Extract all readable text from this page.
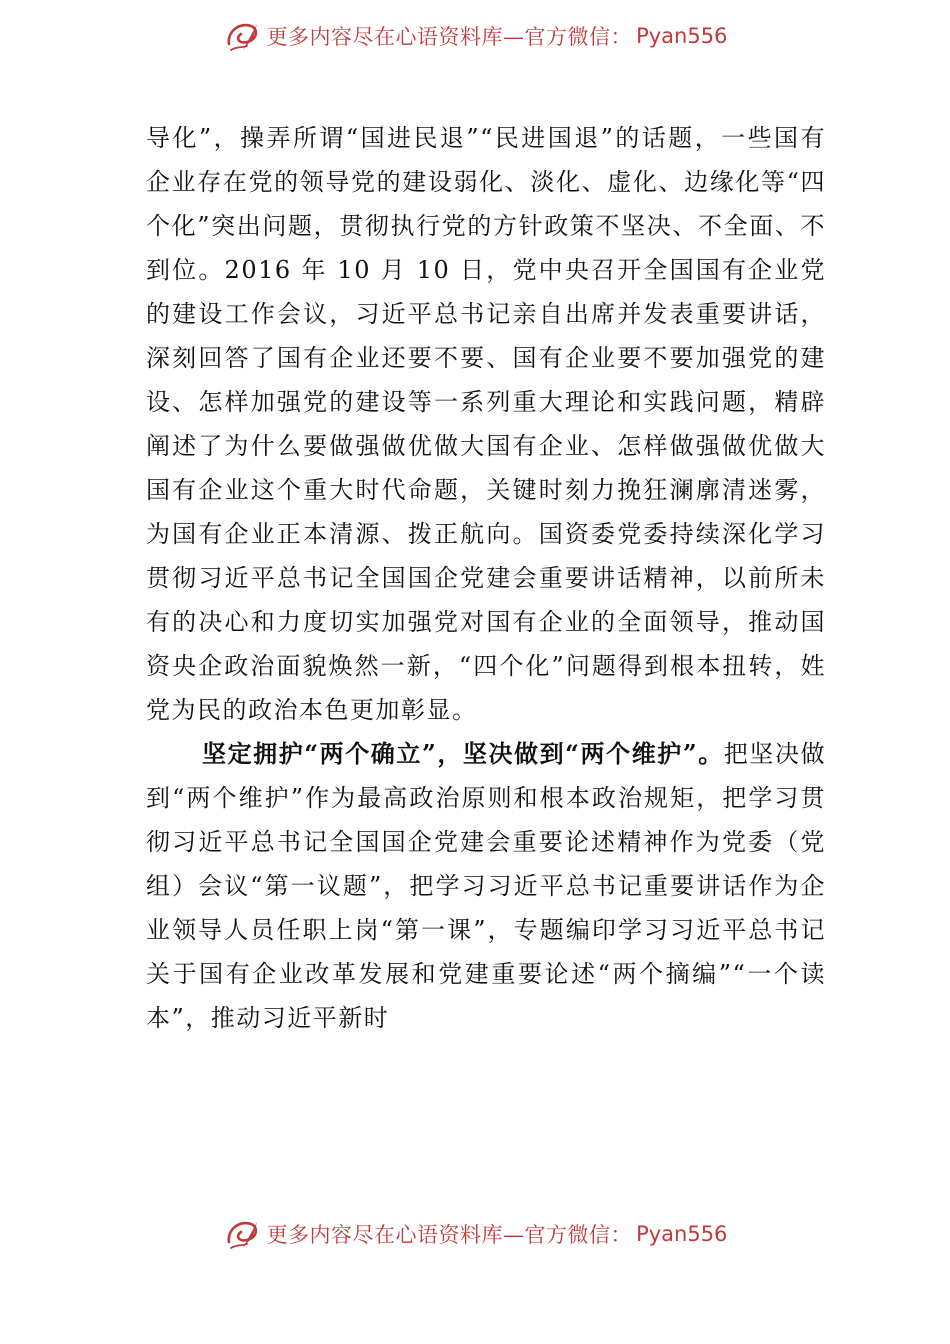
更多内容尽在心语资料库—官方微信： Pyan556

导化”，操弄所谓“国进民退”“民进国退”的话题，一些国有企业存在党的领导党的建设弱化、淡化、虚化、边缘化等“四个化”突出问题，贯彻执行党的方针政策不坚决、不全面、不到位。2016 年 10 月 10 日，党中央召开全国国有企业党的建设工作会议，习近平总书记亲自出席并发表重要讲话，深刻回答了国有企业还要不要、国有企业要不要加强党的建设、怎样加强党的建设等一系列重大理论和实践问题，精辟阐述了为什么要做强做优做大国有企业、怎样做强做优做大国有企业这个重大时代命题，关键时刻力挽狂澜廓清迷雾，为国有企业正本清源、拨正航向。国资委党委持续深化学习贯彻习近平总书记全国国企党建会重要讲话精神，以前所未有的决心和力度切实加强党对国有企业的全面领导，推动国资央企政治面貌焕然一新，“四个化”问题得到根本扭转，姓党为民的政治本色更加彰显。

坚定拥护“两个确立”，坚决做到“两个维护”。把坚决做到“两个维护”作为最高政治原则和根本政治规矩，把学习贯彻习近平总书记全国国企党建会重要论述精神作为党委（党组）会议“第一议题”，把学习习近平总书记重要讲话作为企业领导人员任职上岗“第一课”，专题编印学习习近平总书记关于国有企业改革发展和党建重要论述“两个摘编”“一个读本”，推动习近平新时

更多内容尽在心语资料库—官方微信： Pyan556
